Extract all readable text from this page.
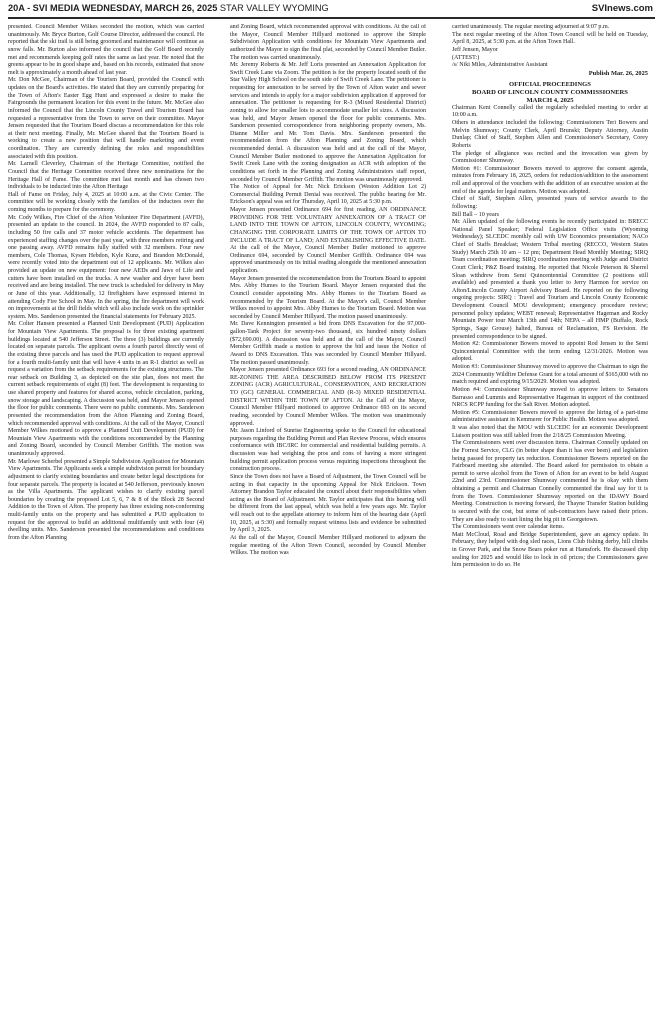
20A - SVI MEDIA WEDNESDAY, MARCH 26, 2025 STAR VALLEY WYOMING	SVInews.com

presented. Council Member Wilkes seconded the motion, which was carried unanimously. Mr. Bryce Burton, Golf Course Director, addressed the council. He reported that the ski trail is still being groomed and maintenance will continue as snow falls. Mr. Burton also informed the council that the Golf Board recently met and recommends keeping golf rates the same as last year. He noted that the greens appear to be in good shape and, based on his records, estimated that snow melt is approximately a month ahead of last year.

Mr. Don McGee, Chairman of the Tourism Board, provided the Council with updates on the Board's activities. He stated that they are currently preparing for the Town of Afton's Easter Egg Hunt and expressed a desire to make the Fairgrounds the permanent location for this event in the future. Mr. McGee also informed the Council that the Lincoln County Travel and Tourism Board has requested a representative from the Town to serve on their committee. Mayor Jensen requested that the Tourism Board discuss a recommendation for this role at their next meeting. Finally, Mr. McGee shared that the Tourism Board is working to create a new position that will handle marketing and event coordination. They are currently defining the roles and responsibilities associated with this position.

Mr. Larnell Cleverley, Chairman of the Heritage Committee, notified the Council that the Heritage Committee received three new nominations for the Heritage Hall of Fame. The committee met last month and has chosen two individuals to be inducted into the Afton Heritage

Hall of Fame on Friday, July 4, 2025 at 10:00 a.m. at the Civic Center. The committee will be working closely with the families of the inductees over the coming months to prepare for the ceremony.

Mr. Cody Wilkes, Fire Chief of the Afton Volunteer Fire Department (AVFD), presented an update to the council. In 2024, the AVFD responded to 87 calls, including 50 fire calls and 37 motor vehicle accidents. The department has experienced staffing changes over the past year, with three members retiring and one passing away. AVFD remains fully staffed with 32 members. Four new members, Cole Thomas, Kysen Hebdon, Kyle Kunz, and Brandon McDonald, were recently voted into the department out of 12 applicants. Mr. Wilkes also provided an update on new equipment: four new AEDs and Jaws of Life and cutters have been installed on the trucks. A new washer and dryer have been received and are being installed. The new truck is scheduled for delivery in May or June of this year. Additionally, 12 firefighters have expressed interest in attending Cody Fire School in May. In the spring, the fire department will work on improvements at the drill fields which will also include work on the sprinkler system. Mrs. Sanderson presented the financial statements for February 2025.

Mr. Colter Hansen presented a Planned Unit Development (PUD) Application for Mountain View Apartments. The proposal is for three existing apartment buildings located at 540 Jefferson Street. The three (3) buildings are currently located on separate parcels. The applicant owns a fourth parcel directly west of the existing three parcels and has used the PUD application to request approval for a fourth multi-family unit that will have 4 units in an R-1 district as well as request a variation from the setback requirements for the existing structures. The rear setback on Building 3, as depicted on the site plan, does not meet the current setback requirements of eight (8) feet. The development is requesting to use shared property and features for shared access, vehicle circulation, parking, snow storage and landscaping. A discussion was held, and Mayor Jensen opened the floor for public comments. There were no public comments. Mrs. Sanderson presented the recommendation from the Afton Planning and Zoning Board, which recommended approval with conditions. At the call of the Mayor, Council Member Wilkes motioned to approve a Planned Unit Development (PUD) for Mountain View Apartments with the conditions recommended by the Planning and Zoning Board, seconded by Council Member Griffith. The motion was unanimously approved.

Mr. Marlowe Scherbel presented a Simple Subdivision Application for Mountain View Apartments. The Applicants seek a simple subdivision permit for boundary adjustment to clarify existing boundaries and create better legal descriptions for four separate parcels. The property is located at 540 Jefferson, previously known as the Villa Apartments. The applicant wishes to clarify existing parcel boundaries by creating the proposed Lot 5, 6, 7 & 8 of the Block 28 Second Addition to the Town of Afton. The property has three existing non-conforming multi-family units on the property and has submitted a PUD application to request for the approval to build an additional multifamily unit with four (4) dwelling units. Mrs. Sanderson presented the recommendations and conditions from the Afton Planning

and Zoning Board, which recommended approval with conditions. At the call of the Mayor, Council Member Hillyard motioned to approve the Simple Subdivision Application with conditions for Mountain View Apartments and authorized the Mayor to sign the final plat, seconded by Council Member Butler. The motion was carried unanimously.

Mr. Jeremy Roberts & Mr. Jeff Loris presented an Annexation Application for Swift Creek Lane via Zoom. The petition is for the property located south of the Star Valley High School on the south side of Swift Creek Lane. The petitioner is requesting for annexation to be served by the Town of Afton water and sewer services and intends to apply for a major subdivision application if approved for annexation. The petitioner is requesting for R-3 (Mixed Residential District) zoning to allow for smaller lots to accommodate smaller lot sizes. A discussion was held, and Mayor Jensen opened the floor for public comments. Mrs. Sanderson presented correspondence from neighboring property owners, Ms. Dianne Miller and Mr. Tom Davis. Mrs. Sanderson presented the recommendation from the Afton Planning and Zoning Board, which recommended denial. A discussion was held and at the call of the Mayor, Council Member Butler motioned to approve the Annexation Application for Swift Creek Lane with the zoning designation as ACR with adoption of the conditions set forth in the Planning and Zoning Administrators staff report, seconded by Council Member Griffith. The motion was unanimously approved.

The Notice of Appeal for Mr. Nick Erickson (Weston Addition Lot 2) Commercial Building Permit Denial was received. The public hearing for Mr. Erickson's appeal was set for Thursday, April 10, 2025 at 5:30 p.m.

Mayor Jensen presented Ordinance 694 for first reading, AN ORDINANCE PROVIDING FOR THE VOLUNTARY ANNEXATION OF A TRACT OF LAND INTO THE TOWN OF AFTON, LINCOLN COUNTY, WYOMING; CHANGING THE CORPORATE LIMITS OF THE TOWN OF AFTON TO INCLUDE A TRACT OF LAND; AND ESTABLISHING EFFECTIVE DATE. At the call of the Mayor, Council Member Butler motioned to approve Ordinance 694, seconded by Council Member Griffith. Ordinance 694 was approved unanimously on its initial reading alongside the mentioned annexation application.

Mayor Jensen presented the recommendation from the Tourism Board to appoint Mrs. Abby Humes to the Tourism Board. Mayor Jensen requested that the Council consider appointing Mrs. Abby Humes to the Tourism Board as recommended by the Tourism Board. At the Mayor's call, Council Member Wilkes moved to appoint Mrs. Abby Humes to the Tourism Board. Motion was seconded by Council Member Hillyard. The motion passed unanimously.

Mr. Dave Kennington presented a bid from DNS Excavation for the 97,000-gallon-Tank Project for seventy-two thousand, six hundred ninety dollars ($72,690.00). A discussion was held and at the call of the Mayor, Council Member Griffith made a motion to approve the bid and issue the Notice of Award to DNS Excavation. This was seconded by Council Member Hillyard. The motion passed unanimously.

Mayor Jensen presented Ordinance 693 for a second reading, AN ORDINANCE RE-ZONING THE AREA DESCRIBED BELOW FROM ITS PRESENT ZONING (ACR) AGRICULTURAL, CONSERVATION, AND RECREATION TO (GC) GENERAL COMMERCIAL AND (R-3) MIXED RESIDENTIAL DISTRICT WITHIN THE TOWN OF AFTON. At the Call of the Mayor, Council Member Hillyard motioned to approve Ordinance 693 on its second reading, seconded by Council Member Wilkes. The motion was unanimously approved.

Mr. Jason Linford of Sunrise Engineering spoke to the Council for educational purposes regarding the Building Permit and Plan Review Process, which ensures conformance with IBC/IRC for commercial and residential building permits. A discussion was had weighing the pros and cons of having a more stringent building permit application process versus requiring inspections throughout the construction process.

Since the Town does not have a Board of Adjustment, the Town Council will be acting in that capacity in the upcoming Appeal for Nick Erickson. Town Attorney Brandon Taylor educated the council about their responsibilities when acting as the Board of Adjustment. Mr. Taylor anticipates that this hearing will be different from the last appeal, which was held a few years ago. Mr. Taylor will reach out to the appellate attorney to inform him of the hearing date (April 10, 2025, at 5:30) and formally request witness lists and evidence be submitted by April 3, 2025.

At the call of the Mayor, Council Member Hillyard motioned to adjourn the regular meeting of the Afton Town Council, seconded by Council Member Wilkes. The motion was

carried unanimously. The regular meeting adjourned at 9:07 p.m.

The next regular meeting of the Afton Town Council will be held on Tuesday, April 8, 2025, at 5:30 p.m. at the Afton Town Hall.

Jeff Jensen, Mayor

(ATTEST:)

/s/ Niki Miles, Administrative Assistant

Publish Mar. 26, 2025

OFFICIAL PROCEEDINGS
BOARD OF LINCOLN COUNTY COMMISSIONERS
MARCH 4, 2025

Chairman Kent Connelly called the regularly scheduled meeting to order at 10:00 a.m.

Others in attendance included the following: Commissioners Teri Bowers and Melvin Shumway; County Clerk, April Brunski; Deputy Attorney, Austin Dunlap; Chief of Staff, Stephen Allen and Commissioner's Secretary, Corey Roberts

The pledge of allegiance was recited and the invocation was given by Commissioner Shumway.

Motion #1: Commissioner Bowers moved to approve the consent agenda, minutes from February 18, 2025, orders for reduction/addition to the assessment roll and approval of the vouchers with the addition of an executive session at the end of the agenda for legal matters. Motion was adopted.

Chief of Staff, Stephen Allen, presented years of service awards to the following:

Bill Ball – 10 years

Mr. Allen updated of the following events he recently participated in: BRECC National Panel Speaker; Federal Legislation Office visits (Wyoming Wednesday); SLCEDC monthly call with UW Economics presentation; NACo Chief of Staffs Breakfast; Western Tribal meeting (RECCO, Western States Study) March 25th 10 am – 12 pm; Department Head Monthly Meeting; SIRQ Team coordination meeting; SIRQ coordination meeting with Judge and District Court Clerk; P&Z Board training. He reported that Nicole Peterson & Sherrel Sloan withdrew from Semi Quincentennial Committee (2 positions still available) and presented a thank you letter to Jerry Harmon for service on Afton/Lincoln County Airport Advisory Board. He reported on the following ongoing projects: SIRQ : Travel and Tourism and Lincoln County Economic Development Council MOU development; emergency procedure review; personnel policy updates; WEBT renewal; Representative Hageman and Rocky Mountain Power tour March 13th and 14th; NEPA – all HMP (Buffalo, Rock Springs, Sage Grouse) halted, Bureau of Reclamation, FS Revision. He presented correspondence to be signed.

Motion #2: Commissioner Bowers moved to appoint Rod Jensen to the Semi Quincentennial Committee with the term ending 12/31/2026. Motion was adopted.

Motion #3: Commissioner Shumway moved to approve the Chairman to sign the 2024 Community Wildfire Defense Grant for a total amount of $165,000 with no match required and expiring 9/15/2029. Motion was adopted.

Motion #4: Commissioner Shumway moved to approve letters to Senators Barrasso and Lummis and Representative Hageman in support of the continued NRCS RCPP funding for the Salt River. Motion adopted.

Motion #5: Commissioner Bowers moved to approve the hiring of a part-time administrative assistant in Kemmerer for Public Health. Motion was adopted.

It was also noted that the MOU with SLCEDC for an economic Development Liaison position was still tabled from the 2/18/25 Commission Meeting.

The Commissioners went over discussion items. Chairman Connelly updated on the Forrest Service, CLG (in better shape than it has ever been) and legislation being passed for property tax reduction. Commissioner Bowers reported on the Fairboard meeting she attended. The Board asked for permission to obtain a permit to serve alcohol from the Town of Afton for an event to be held August 22nd and 23rd. Commissioner Shumway commented he is okay with them obtaining a permit and Chairman Connelly commented the final say for it is from the Town. Commissioner Shumway reported on the IDAWY Board Meeting. Construction is moving forward, the Thayne Transfer Station building is secured with the cost, but some of sub-contractors have raised their prices. They are also ready to start lining the big pit in Georgetown.

The Commissioners went over calendar items.

Matt McCloud, Road and Bridge Superintendent, gave an agency update. In February, they helped with dog sled races, Lions Club fishing derby, hill climbs in Grover Park, and the Snow Bears poker run at Hamsfork. He discussed chip sealing for 2025 and would like to lock in oil prices; the Commissioners gave him permission to do so. He
